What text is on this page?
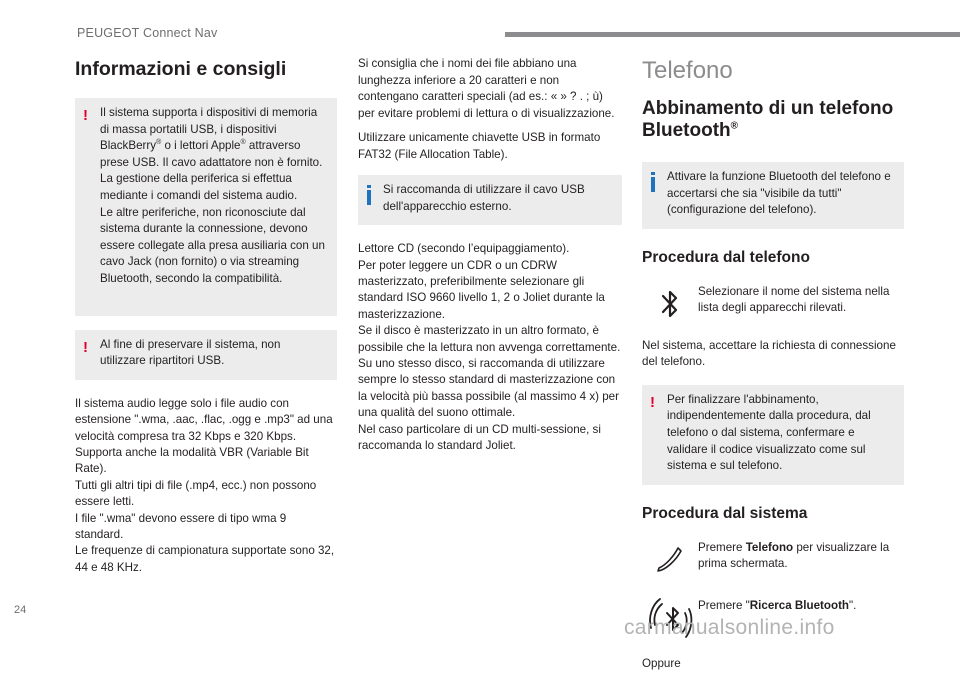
PEUGEOT Connect Nav
Informazioni e consigli
! Il sistema supporta i dispositivi di memoria di massa portatili USB, i dispositivi BlackBerry® o i lettori Apple® attraverso prese USB. Il cavo adattatore non è fornito.
La gestione della periferica si effettua mediante i comandi del sistema audio.
Le altre periferiche, non riconosciute dal sistema durante la connessione, devono essere collegate alla presa ausiliaria con un cavo Jack (non fornito) o via streaming Bluetooth, secondo la compatibilità.
! Al fine di preservare il sistema, non utilizzare ripartitori USB.
Il sistema audio legge solo i file audio con estensione ".wma, .aac, .flac, .ogg e .mp3" ad una velocità compresa tra 32 Kbps e 320 Kbps.
Supporta anche la modalità VBR (Variable Bit Rate).
Tutti gli altri tipi di file (.mp4, ecc.) non possono essere letti.
I file ".wma" devono essere di tipo wma 9 standard.
Le frequenze di campionatura supportate sono 32, 44 e 48 KHz.

Si consiglia che i nomi dei file abbiano una lunghezza inferiore a 20 caratteri e non contengano caratteri speciali (ad es.: « » ? . ; ù) per evitare problemi di lettura o di visualizzazione.

Utilizzare unicamente chiavette USB in formato FAT32 (File Allocation Table).

Si raccomanda di utilizzare il cavo USB dell'apparecchio esterno.
Lettore CD (secondo l’equipaggiamento).
Per poter leggere un CDR o un CDRW masterizzato, preferibilmente selezionare gli standard ISO 9660 livello 1, 2 o Joliet durante la masterizzazione.
Se il disco è masterizzato in un altro formato, è possibile che la lettura non avvenga correttamente.
Su uno stesso disco, si raccomanda di utilizzare sempre lo stesso standard di masterizzazione con la velocità più bassa possibile (al massimo 4 x) per una qualità del suono ottimale.
Nel caso particolare di un CD multi-sessione, si raccomanda lo standard Joliet.
Telefono
Abbinamento di un telefono Bluetooth®
Attivare la funzione Bluetooth del telefono e accertarsi che sia "visibile da tutti" (configurazione del telefono).
Procedura dal telefono

Selezionare il nome del sistema nella lista degli apparecchi rilevati.

Nel sistema, accettare la richiesta di connessione del telefono.

! Per finalizzare l'abbinamento, indipendentemente dalla procedura, dal telefono o dal sistema, confermare e validare il codice visualizzato come sul sistema e sul telefono.
Procedura dal sistema

Premere Telefono per visualizzare la prima schermata.

Premere "Ricerca Bluetooth".

Oppure

24
carmanualsonline.info
